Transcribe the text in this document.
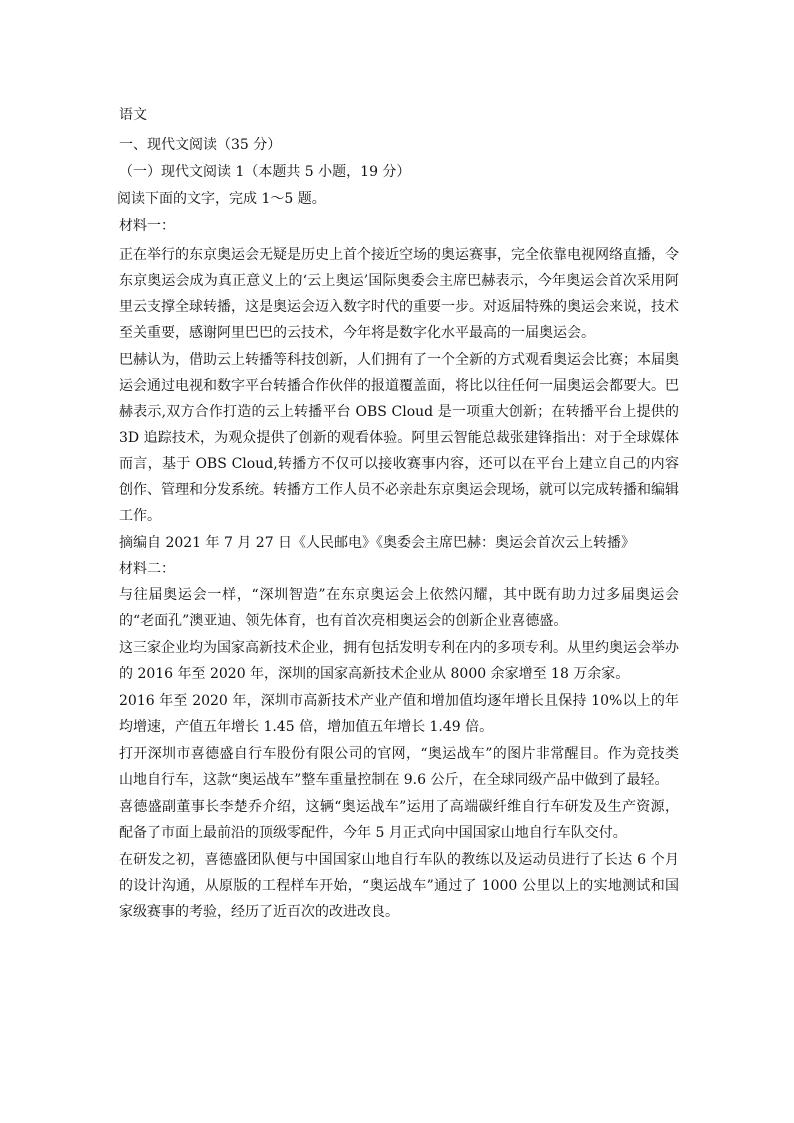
语文

一、现代文阅读（35 分）

（一）现代文阅读 1（本题共 5 小题，19 分）

阅读下面的文字，完成 1～5 题。

材料一：

正在举行的东京奥运会无疑是历史上首个接近空场的奥运赛事，完全依靠电视网络直播，令东京奥运会成为真正意义上的‘云上奥运’国际奥委会主席巴赫表示，今年奥运会首次采用阿里云支撑全球转播，这是奥运会迈入数字时代的重要一步。对返届特殊的奥运会来说，技术至关重要，感谢阿里巴巴的云技术，今年将是数字化水平最高的一届奥运会。

巴赫认为，借助云上转播等科技创新，人们拥有了一个全新的方式观看奥运会比赛；本届奥运会通过电视和数字平台转播合作伙伴的报道覆盖面，将比以往任何一届奥运会都要大。巴赫表示,双方合作打造的云上转播平台 OBS Cloud 是一项重大创新；在转播平台上提供的 3D 追踪技术，为观众提供了创新的观看体验。阿里云智能总裁张建锋指出：对于全球媒体而言，基于 OBS Cloud,转播方不仅可以接收赛事内容，还可以在平台上建立自己的内容创作、管理和分发系统。转播方工作人员不必亲赴东京奥运会现场，就可以完成转播和编辑工作。

摘编自 2021 年 7 月 27 日《人民邮电》《奥委会主席巴赫：奥运会首次云上转播》

材料二：

与往届奥运会一样，“深圳智造”在东京奥运会上依然闪耀，其中既有助力过多届奥运会的“老面孔”澳亚迪、领先体育，也有首次亮相奥运会的创新企业喜德盛。

这三家企业均为国家高新技术企业，拥有包括发明专利在内的多项专利。从里约奥运会举办的 2016 年至 2020 年，深圳的国家高新技术企业从 8000 余家增至 18 万余家。

2016 年至 2020 年，深圳市高新技术产业产值和增加值均逐年增长且保持 10%以上的年均增速，产值五年增长 1.45 倍，增加值五年增长 1.49 倍。

打开深圳市喜德盛自行车股份有限公司的官网，“奥运战车”的图片非常醒目。作为竞技类山地自行车，这款“奥运战车”整车重量控制在 9.6 公斤，在全球同级产品中做到了最轻。

喜德盛副董事长李楚乔介绍，这辆“奥运战车”运用了高端碳纤维自行车研发及生产资源，配备了市面上最前沿的顶级零配件，今年 5 月正式向中国国家山地自行车队交付。

在研发之初，喜德盛团队便与中国国家山地自行车队的教练以及运动员进行了长达 6 个月的设计沟通，从原版的工程样车开始，“奥运战车”通过了 1000 公里以上的实地测试和国家级赛事的考验，经历了近百次的改进改良。
